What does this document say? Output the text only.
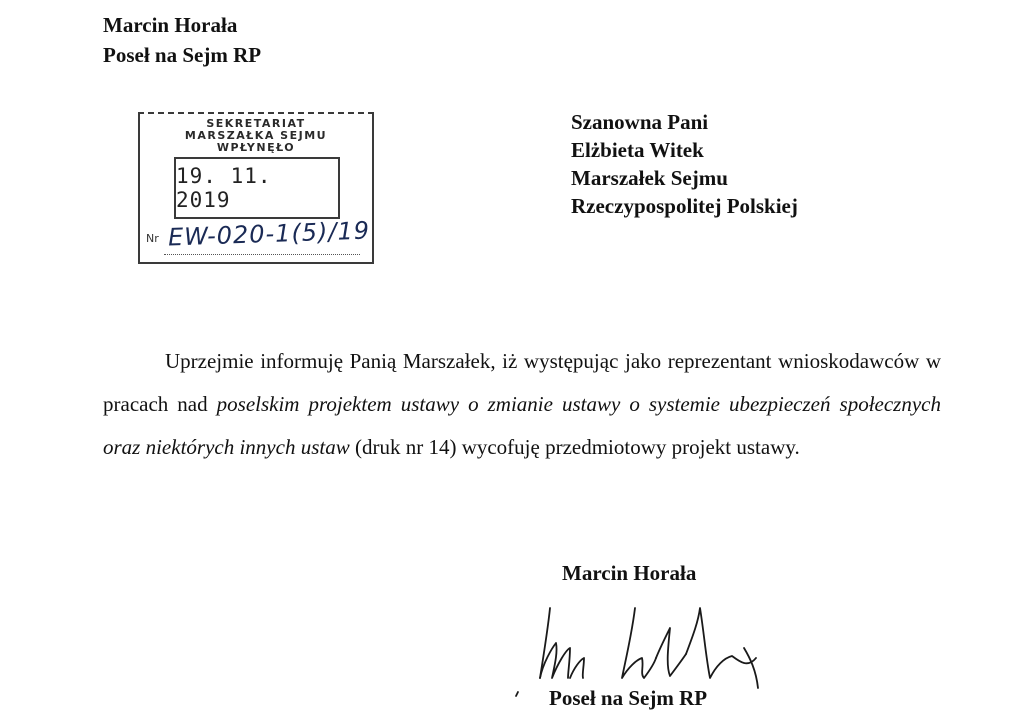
Marcin Horała
Poseł na Sejm RP
SEKRETARIAT
MARSZAŁKA SEJMU
WPŁYNĘŁO
19. 11. 2019
Nr EW-020-1(5)/19
Szanowna Pani
Elżbieta Witek
Marszałek Sejmu
Rzeczypospolitej Polskiej

Uprzejmie informuję Panią Marszałek, iż występując jako reprezentant wnioskodawców w pracach nad poselskim projektem ustawy o zmianie ustawy o systemie ubezpieczeń społecznych oraz niektórych innych ustaw (druk nr 14) wycofuję przedmiotowy projekt ustawy.

Marcin Horała
Poseł na Sejm RP
